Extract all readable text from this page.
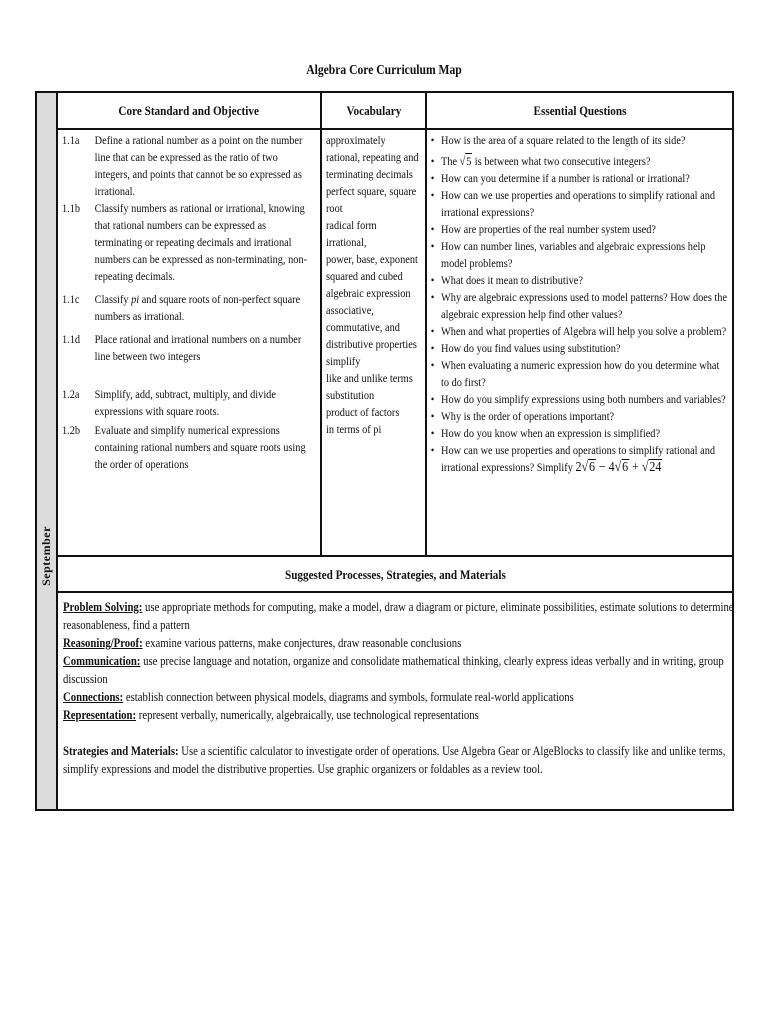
Algebra Core Curriculum Map
September
Core Standard and Objective	Vocabulary	Essential Questions
1.1a Define a rational number as a point on the number line that can be expressed as the ratio of two integers, and points that cannot be so expressed as irrational.
1.1b Classify numbers as rational or irrational, knowing that rational numbers can be expressed as terminating or repeating decimals and irrational numbers can be expressed as non-terminating, non-repeating decimals.
1.1c Classify pi and square roots of non-perfect square numbers as irrational.
1.1d Place rational and irrational numbers on a number line between two integers
1.2a Simplify, add, subtract, multiply, and divide expressions with square roots.
1.2b Evaluate and simplify numerical expressions containing rational numbers and square roots using the order of operations
approximately
rational, repeating and terminating decimals
perfect square, square root
radical form
irrational,
power, base, exponent
squared and cubed
algebraic expression
associative,
commutative, and
distributive properties
simplify
like and unlike terms
substitution
product of factors
in terms of pi
• How is the area of a square related to the length of its side?
• The √5 is between what two consecutive integers?
• How can you determine if a number is rational or irrational?
• How can we use properties and operations to simplify rational and irrational expressions?
• How are properties of the real number system used?
• How can number lines, variables and algebraic expressions help model problems?
• What does it mean to distributive?
• Why are algebraic expressions used to model patterns? How does the algebraic expression help find other values?
• When and what properties of Algebra will help you solve a problem?
• How do you find values using substitution?
• When evaluating a numeric expression how do you determine what to do first?
• How do you simplify expressions using both numbers and variables?
• Why is the order of operations important?
• How do you know when an expression is simplified?
• How can we use properties and operations to simplify rational and irrational expressions? Simplify 2√6 − 4√6 + √24
Suggested Processes, Strategies, and Materials

Problem Solving: use appropriate methods for computing, make a model, draw a diagram or picture, eliminate possibilities, estimate solutions to determine reasonableness, find a pattern

Reasoning/Proof: examine various patterns, make conjectures, draw reasonable conclusions

Communication: use precise language and notation, organize and consolidate mathematical thinking, clearly express ideas verbally and in writing, group discussion

Connections: establish connection between physical models, diagrams and symbols, formulate real-world applications

Representation: represent verbally, numerically, algebraically, use technological representations

Strategies and Materials: Use a scientific calculator to investigate order of operations. Use Algebra Gear or AlgeBlocks to classify like and unlike terms, simplify expressions and model the distributive properties. Use graphic organizers or foldables as a review tool.
